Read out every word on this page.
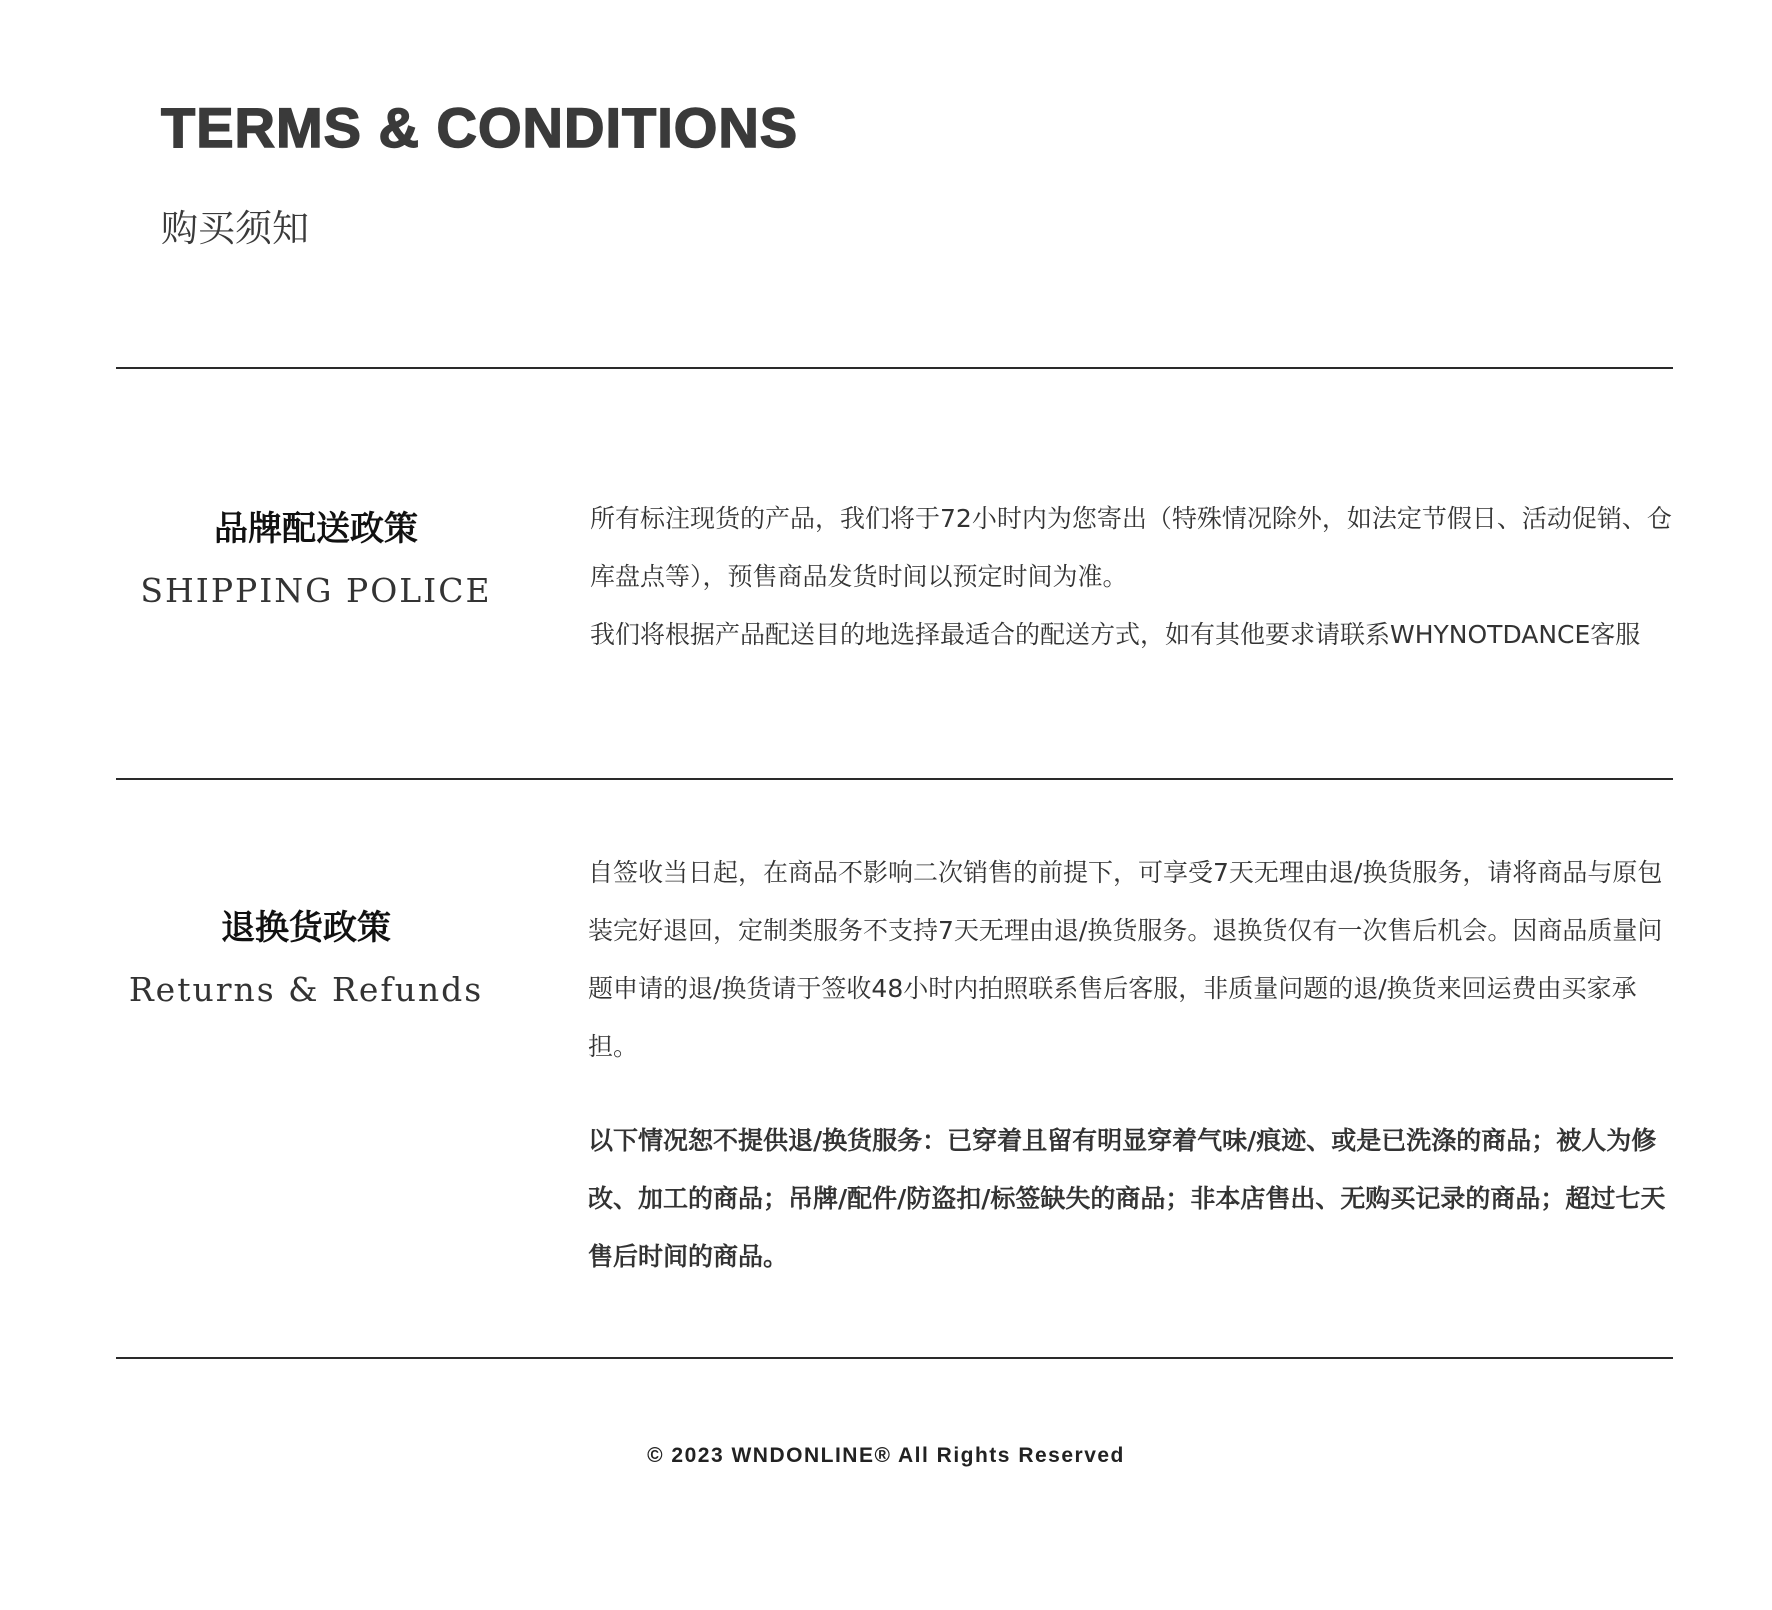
TERMS & CONDITIONS
购买须知
品牌配送政策
SHIPPING POLICE

所有标注现货的产品，我们将于72小时内为您寄出（特殊情况除外，如法定节假日、活动促销、仓库盘点等），预售商品发货时间以预定时间为准。

我们将根据产品配送目的地选择最适合的配送方式，如有其他要求请联系WHYNOTDANCE客服

退换货政策
Returns & Refunds

自签收当日起，在商品不影响二次销售的前提下，可享受7天无理由退/换货服务，请将商品与原包装完好退回，定制类服务不支持7天无理由退/换货服务。退换货仅有一次售后机会。因商品质量问题申请的退/换货请于签收48小时内拍照联系售后客服，非质量问题的退/换货来回运费由买家承担。

以下情况恕不提供退/换货服务：已穿着且留有明显穿着气味/痕迹、或是已洗涤的商品；被人为修改、加工的商品；吊牌/配件/防盗扣/标签缺失的商品；非本店售出、无购买记录的商品；超过七天售后时间的商品。

© 2023 WNDONLINE® All Rights Reserved
